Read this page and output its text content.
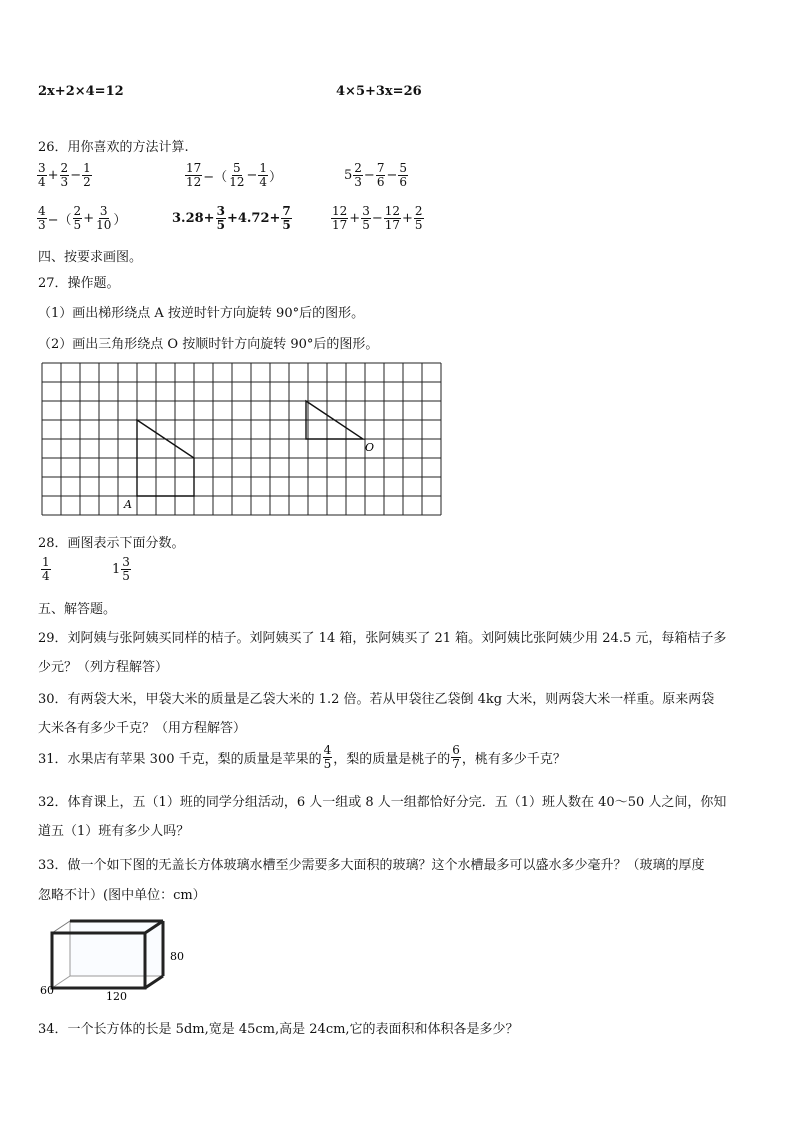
2x+2×4=12	4×5+3x=26
26．用你喜欢的方法计算.
$\frac{3}{4} + \frac{2}{3} - \frac{1}{2}$	$\frac{17}{12}$ −（ $\frac{5}{12} - \frac{1}{4}$ ）	$5 \frac{2}{3} - \frac{7}{6} - \frac{5}{6}$
$\frac{4}{3}$ −（ $\frac{2}{5} + \frac{3}{10}$ ）	$3.28 + \frac{3}{5} +4.72+ \frac{7}{5}$	$\frac{12}{17} + \frac{3}{5} - \frac{12}{17} + \frac{2}{5}$
四、按要求画图。
27．操作题。
（1）画出梯形绕点 A 按逆时针方向旋转 90°后的图形。
（2）画出三角形绕点 O 按顺时针方向旋转 90°后的图形。
A
O
28．画图表示下面分数。
$\frac{1}{4}$	$1 \frac{3}{5}$
五、解答题。
29．刘阿姨与张阿姨买同样的桔子。刘阿姨买了 14 箱，张阿姨买了 21 箱。刘阿姨比张阿姨少用 24.5 元，每箱桔子多
少元？（列方程解答）
30．有两袋大米，甲袋大米的质量是乙袋大米的 1.2 倍。若从甲袋往乙袋倒 4kg 大米，则两袋大米一样重。原来两袋
大米各有多少千克？（用方程解答）
31．水果店有苹果 300 千克，梨的质量是苹果的 $\frac{4}{5}$ ，梨的质量是桃子的 $\frac{6}{7}$ ，桃有多少千克？
32．体育课上，五（1）班的同学分组活动，6 人一组或 8 人一组都恰好分完．五（1）班人数在 40～50 人之间，你知
道五（1）班有多少人吗？
33．做一个如下图的无盖长方体玻璃水槽至少需要多大面积的玻璃？这个水槽最多可以盛水多少毫升？（玻璃的厚度
忽略不计）(图中单位：cm）
80
60	120
34．一个长方体的长是 5dm,宽是 45cm,高是 24cm,它的表面积和体积各是多少？
